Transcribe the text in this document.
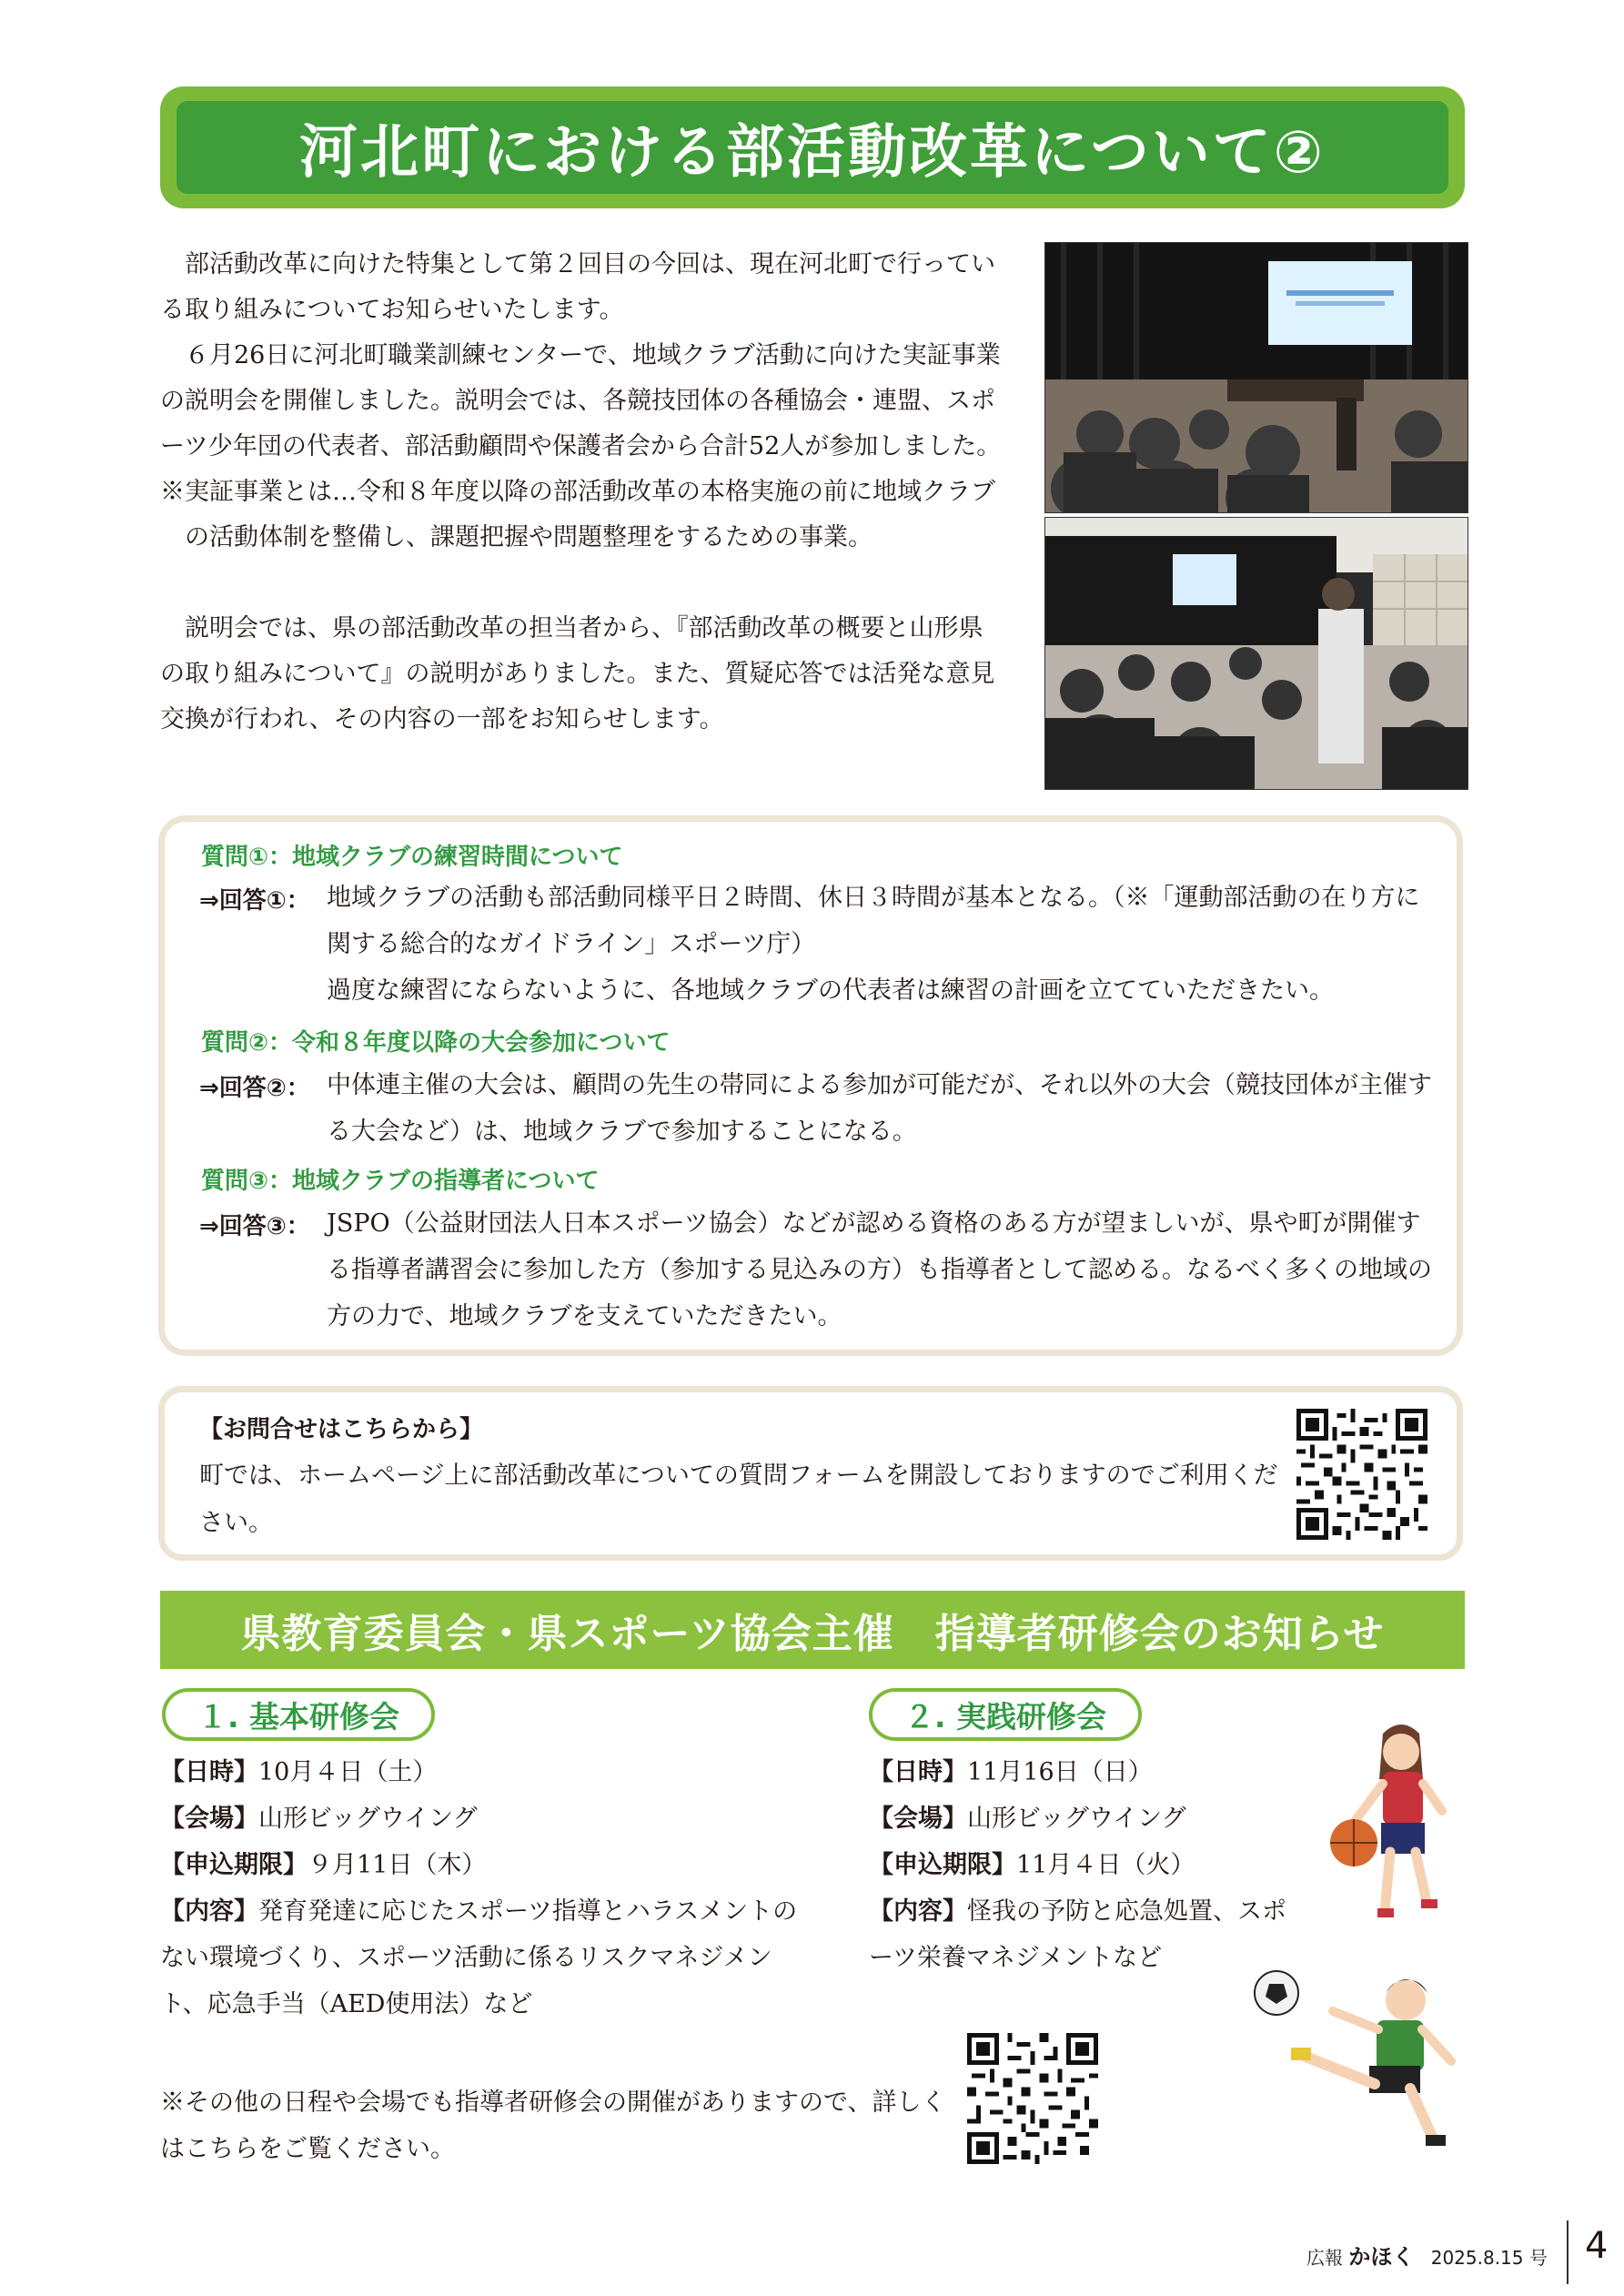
河北町における部活動改革について②

部活動改革に向けた特集として第２回目の今回は、現在河北町で行っている取り組みについてお知らせいたします。

６月26日に河北町職業訓練センターで、地域クラブ活動に向けた実証事業の説明会を開催しました。説明会では、各競技団体の各種協会・連盟、スポーツ少年団の代表者、部活動顧問や保護者会から合計52人が参加しました。

※実証事業とは…令和８年度以降の部活動改革の本格実施の前に地域クラブの活動体制を整備し、課題把握や問題整理をするための事業。

説明会では、県の部活動改革の担当者から、『部活動改革の概要と山形県の取り組みについて』の説明がありました。また、質疑応答では活発な意見交換が行われ、その内容の一部をお知らせします。

質問①：地域クラブの練習時間について
⇒回答①： 地域クラブの活動も部活動同様平日２時間、休日３時間が基本となる。（※「運動部活動の在り方に関する総合的なガイドライン」スポーツ庁）
過度な練習にならないように、各地域クラブの代表者は練習の計画を立てていただきたい。
質問②：令和８年度以降の大会参加について
⇒回答②： 中体連主催の大会は、顧問の先生の帯同による参加が可能だが、それ以外の大会（競技団体が主催する大会など）は、地域クラブで参加することになる。
質問③：地域クラブの指導者について
⇒回答③： JSPO（公益財団法人日本スポーツ協会）などが認める資格のある方が望ましいが、県や町が開催する指導者講習会に参加した方（参加する見込みの方）も指導者として認める。なるべく多くの地域の方の力で、地域クラブを支えていただきたい。
【お問合せはこちらから】
町では、ホームページ上に部活動改革についての質問フォームを開設しておりますのでご利用ください。
県教育委員会・県スポーツ協会主催　指導者研修会のお知らせ
１. 基本研修会	２. 実践研修会
【日時】10月４日（土）
【会場】山形ビッグウイング
【申込期限】９月11日（木）
【内容】発育発達に応じたスポーツ指導とハラスメントのない環境づくり、スポーツ活動に係るリスクマネジメント、応急手当（AED使用法）など
【日時】11月16日（日）
【会場】山形ビッグウイング
【申込期限】11月４日（火）
【内容】怪我の予防と応急処置、スポーツ栄養マネジメントなど
※その他の日程や会場でも指導者研修会の開催がありますので、詳しくはこちらをご覧ください。
広報 かほく 2025.8.15 号 4
